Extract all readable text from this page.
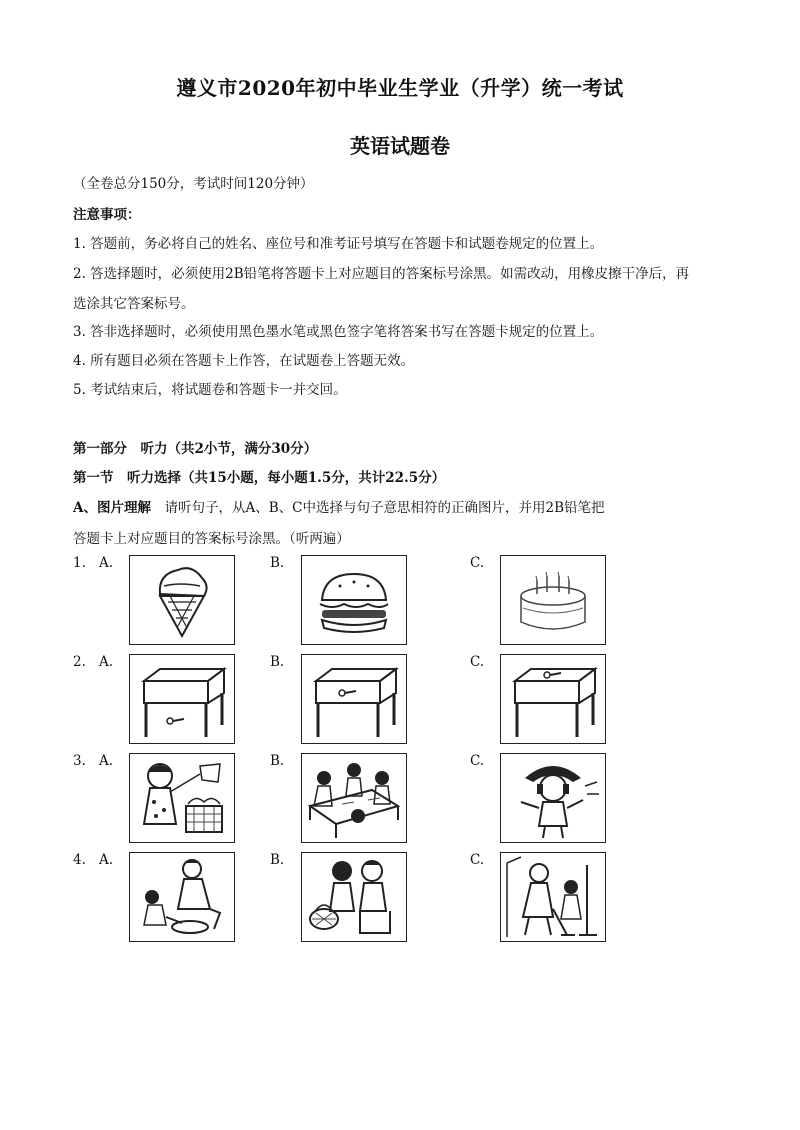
遵义市2020年初中毕业生学业（升学）统一考试
英语试题卷
（全卷总分150分，考试时间120分钟）
注意事项：
1. 答题前，务必将自己的姓名、座位号和准考证号填写在答题卡和试题卷规定的位置上。
2. 答选择题时，必须使用2B铅笔将答题卡上对应题目的答案标号涂黑。如需改动，用橡皮擦干净后，再
选涂其它答案标号。
3. 答非选择题时，必须使用黑色墨水笔或黑色签字笔将答案书写在答题卡规定的位置上。
4. 所有题目必须在答题卡上作答，在试题卷上答题无效。
5. 考试结束后，将试题卷和答题卡一并交回。
第一部分　听力（共2小节，满分30分）
第一节　听力选择（共15小题，每小题1.5分，共计22.5分）
A、图片理解　请听句子，从A、B、C中选择与句子意思相符的正确图片，并用2B铅笔把
答题卡上对应题目的答案标号涂黑。（听两遍）
1. A.	B.	C.
2. A.	B.	C.
3. A.	B.	C.
4. A.	B.	C.
